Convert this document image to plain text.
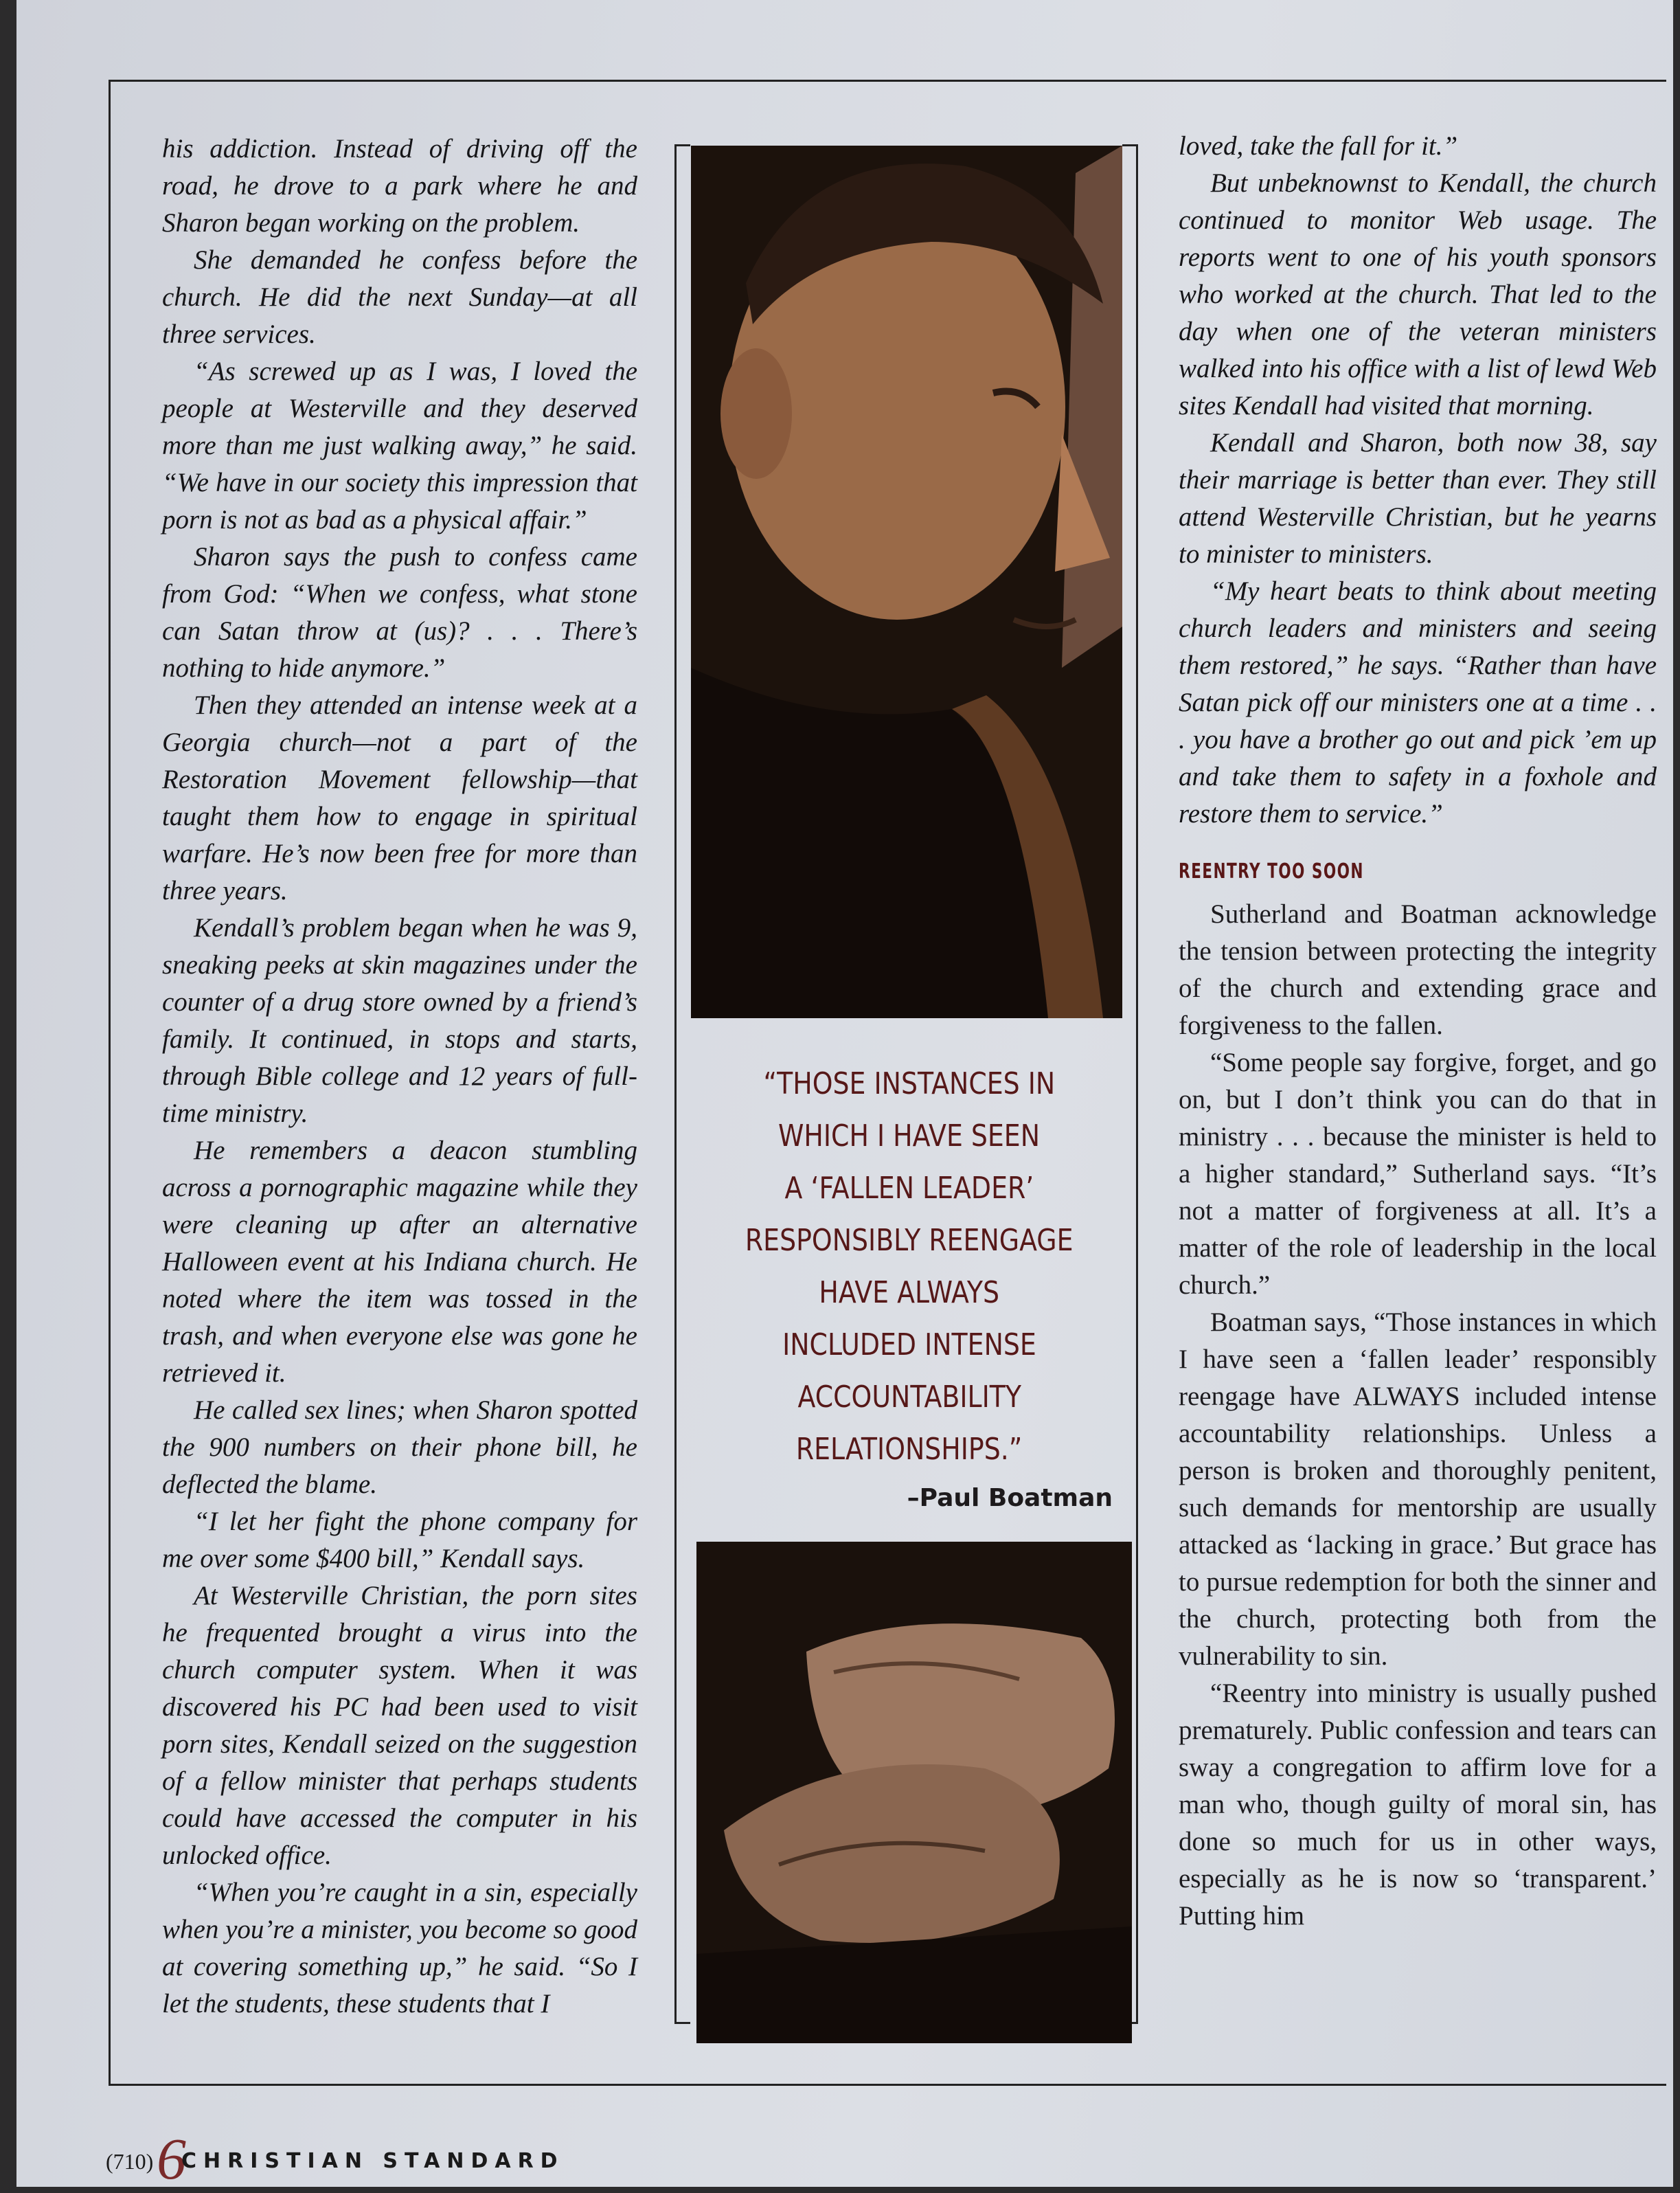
his addiction. Instead of driving off the road, he drove to a park where he and Sharon began working on the problem.

She demanded he confess before the church. He did the next Sunday—at all three services.

“As screwed up as I was, I loved the people at Westerville and they deserved more than me just walking away,” he said. “We have in our society this impression that porn is not as bad as a physical affair.”

Sharon says the push to confess came from God: “When we confess, what stone can Satan throw at (us)? . . . There’s nothing to hide anymore.”

Then they attended an intense week at a Georgia church—not a part of the Restoration Movement fellowship—that taught them how to engage in spiritual warfare. He’s now been free for more than three years.

Kendall’s problem began when he was 9, sneaking peeks at skin magazines under the counter of a drug store owned by a friend’s family. It continued, in stops and starts, through Bible college and 12 years of full-time ministry.

He remembers a deacon stumbling across a pornographic magazine while they were cleaning up after an alternative Halloween event at his Indiana church. He noted where the item was tossed in the trash, and when everyone else was gone he retrieved it.

He called sex lines; when Sharon spotted the 900 numbers on their phone bill, he deflected the blame.

“I let her fight the phone company for me over some $400 bill,” Kendall says.

At Westerville Christian, the porn sites he frequented brought a virus into the church computer system. When it was discovered his PC had been used to visit porn sites, Kendall seized on the suggestion of a fellow minister that perhaps students could have accessed the computer in his unlocked office.

“When you’re caught in a sin, especially when you’re a minister, you become so good at covering something up,” he said. “So I let the students, these students that I

“THOSE INSTANCES IN
WHICH I HAVE SEEN
A ‘FALLEN LEADER’
RESPONSIBLY REENGAGE
HAVE ALWAYS
INCLUDED INTENSE
ACCOUNTABILITY
RELATIONSHIPS.”
–Paul Boatman

loved, take the fall for it.”

But unbeknownst to Kendall, the church continued to monitor Web usage. The reports went to one of his youth sponsors who worked at the church. That led to the day when one of the veteran ministers walked into his office with a list of lewd Web sites Kendall had visited that morning.

Kendall and Sharon, both now 38, say their marriage is better than ever. They still attend Westerville Christian, but he yearns to minister to ministers.

“My heart beats to think about meeting church leaders and ministers and seeing them restored,” he says. “Rather than have Satan pick off our ministers one at a time . . . you have a brother go out and pick ’em up and take them to safety in a foxhole and restore them to service.”

REENTRY TOO SOON

Sutherland and Boatman acknowledge the tension between protecting the integrity of the church and extending grace and forgiveness to the fallen.

“Some people say forgive, forget, and go on, but I don’t think you can do that in ministry . . . because the minister is held to a higher standard,” Sutherland says. “It’s not a matter of forgiveness at all. It’s a matter of the role of leadership in the local church.”

Boatman says, “Those instances in which I have seen a ‘fallen leader’ responsibly reengage have ALWAYS included intense accountability relationships. Unless a person is broken and thoroughly penitent, such demands for mentorship are usually attacked as ‘lacking in grace.’ But grace has to pursue redemption for both the sinner and the church, protecting both from the vulnerability to sin.

“Reentry into ministry is usually pushed prematurely. Public confession and tears can sway a congregation to affirm love for a man who, though guilty of moral sin, has done so much for us in other ways, especially as he is now so ‘transparent.’ Putting him

(710) 6
CHRISTIAN STANDARD
